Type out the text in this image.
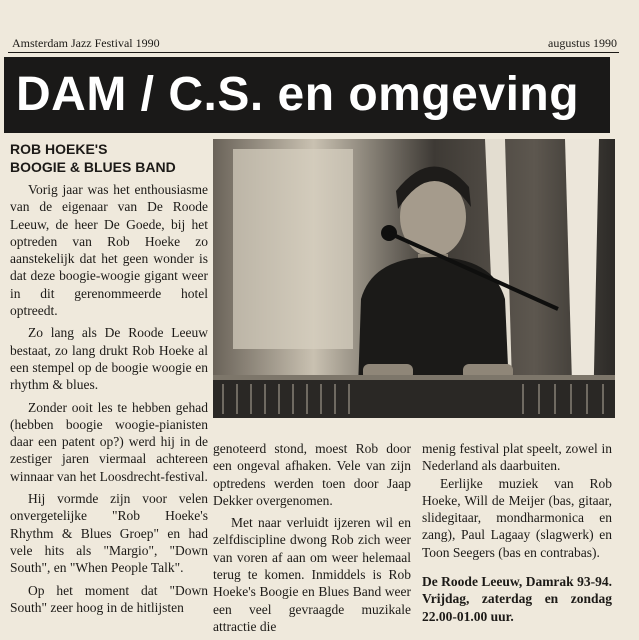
Amsterdam Jazz Festival 1990	augustus 1990
DAM / C.S. en omgeving
ROB HOEKE'S
BOOGIE & BLUES BAND

Vorig jaar was het enthousiasme van de eigenaar van De Roode Leeuw, de heer De Goede, bij het optreden van Rob Hoeke zo aanstekelijk dat het geen wonder is dat deze boogie-woogie gigant weer in dit gerenommeerde hotel optreedt.

Zo lang als De Roode Leeuw bestaat, zo lang drukt Rob Hoeke al een stempel op de boogie woogie en rhythm & blues.

Zonder ooit les te hebben gehad (hebben boogie woogie-pianisten daar een patent op?) werd hij in de zestiger jaren viermaal achtereen winnaar van het Loosdrecht-festival.

Hij vormde zijn voor velen onvergetelijke "Rob Hoeke's Rhythm & Blues Groep" en had vele hits als "Margio", "Down South", en "When People Talk".

Op het moment dat "Down South" zeer hoog in de hitlijsten

genoteerd stond, moest Rob door een ongeval afhaken. Vele van zijn optredens werden toen door Jaap Dekker overgenomen.

Met naar verluidt ijzeren wil en zelfdiscipline dwong Rob zich weer van voren af aan om weer helemaal terug te komen. Inmiddels is Rob Hoeke's Boogie en Blues Band weer een veel gevraagde muzikale attractie die

menig festival plat speelt, zowel in Nederland als daarbuiten.

Eerlijke muziek van Rob Hoeke, Will de Meijer (bas, gitaar, slidegitaar, mondharmonica en zang), Paul Lagaay (slagwerk) en Toon Seegers (bas en contrabas).

De Roode Leeuw, Damrak 93-94. Vrijdag, zaterdag en zondag 22.00-01.00 uur.
